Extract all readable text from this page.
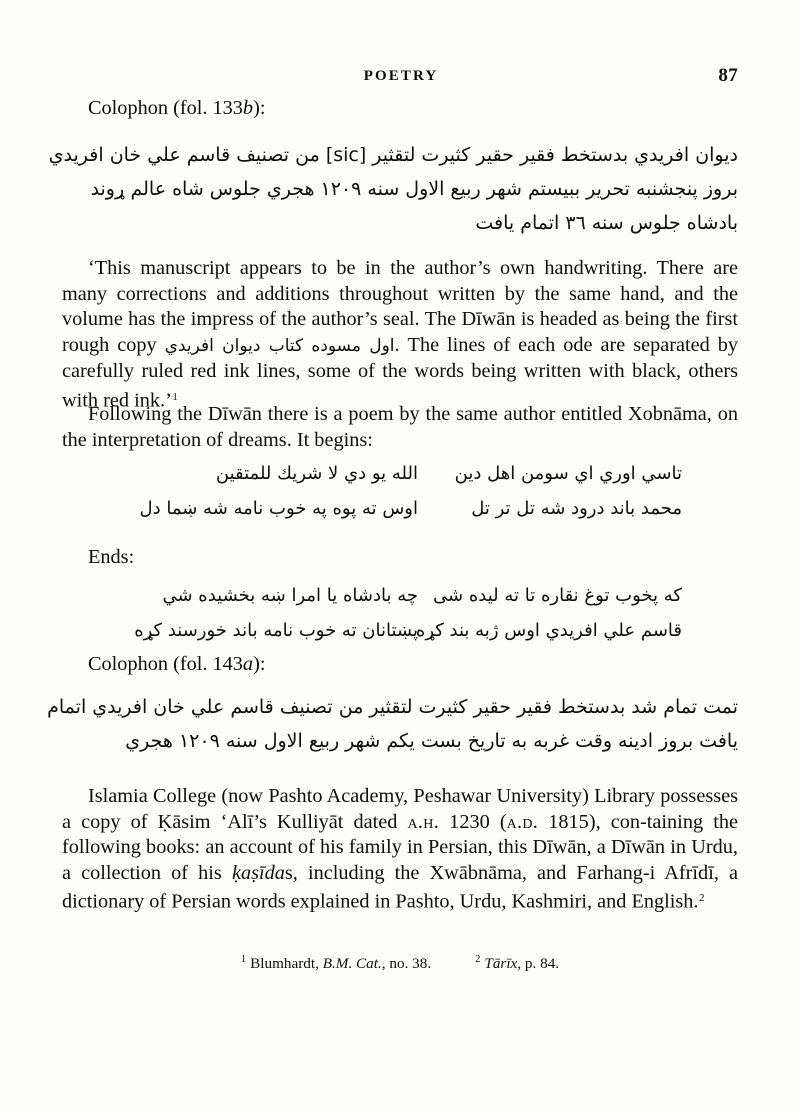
POETRY	87
Colophon (fol. 133b):
ديوان افريدي بدستخط فقير حقير كثيرت لتقثير [sic] من تصنيف قاسم علي خان افريدي
بروز پنجشنبه تحرير ببيستم شهر ربيع الاول سنه ١٢٠٩ هجري جلوس شاه عالم ړوند
بادشاه جلوس سنه ٣٦ اتمام يافت
‘This manuscript appears to be in the author’s own handwriting. There are many corrections and additions throughout written by the same hand, and the volume has the impress of the author’s seal. The Dīwān is headed as being the first rough copy اول مسوده كتاب ديوان افريدي. The lines of each ode are separated by carefully ruled red ink lines, some of the words being written with black, others with red ink.’$^1$
Following the Dīwān there is a poem by the same author entitled Xobnāma, on the interpretation of dreams. It begins:
تاسي اوري اي سومن اهل دين
الله يو دي لا شريك للمتقين
محمد باند درود شه تل تر تل
اوس ته پوه په خوب نامه شه ښما دل
Ends:
كه پخوب توغ نقاره تا ته ليده شی
چه بادشاه يا امرا ښه بخشيده شي
قاسم علي افريدي اوس ژبه بند كړه
پښتانان ته خوب نامه باند خورسند كړه
Colophon (fol. 143a):
تمت تمام شد بدستخط فقير حقير كثيرت لتقثير من تصنيف قاسم علي خان افريدي اتمام
يافت بروز ادينه وقت غربه به تاريخ بست يكم شهر ربيع الاول سنه ١٢٠٩ هجري
Islamia College (now Pashto Academy, Peshawar University) Library possesses a copy of Ḳāsim ‘Alī’s Kulliyāt dated a.h. 1230 (a.d. 1815), con-taining the following books: an account of his family in Persian, this Dīwān, a Dīwān in Urdu, a collection of his ḳaṣīdas, including the Xwābnāma, and Farhang-i Afrīdī, a dictionary of Persian words explained in Pashto, Urdu, Kashmiri, and English.$^2$
$^1$ Blumhardt, B.M. Cat., no. 38.	$^2$ Tārīx, p. 84.
